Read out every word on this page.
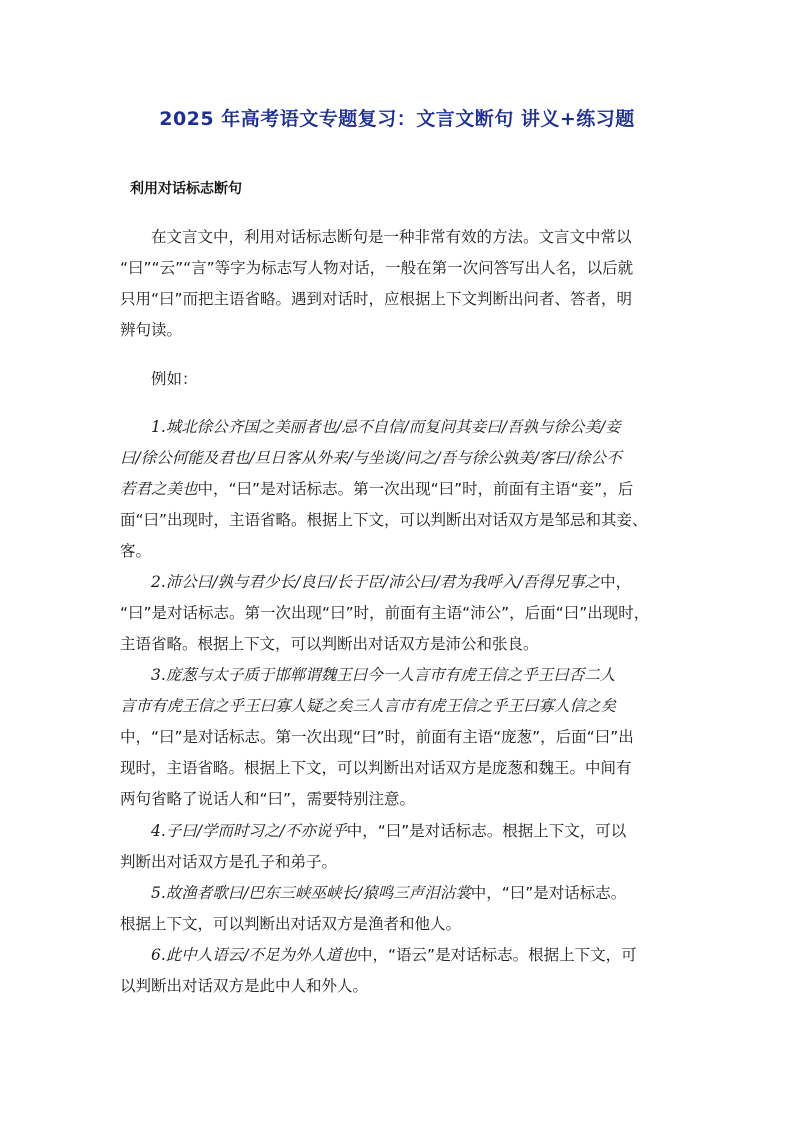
2025 年高考语文专题复习：文言文断句 讲义+练习题
利用对话标志断句
在文言文中，利用对话标志断句是一种非常有效的方法。文言文中常以
“曰”“云”“言”等字为标志写人物对话，一般在第一次问答写出人名，以后就
只用“曰”而把主语省略。遇到对话时，应根据上下文判断出问者、答者，明
辨句读。
例如：
1.城北徐公齐国之美丽者也/忌不自信/而复问其妾曰/吾孰与徐公美/妾
曰/徐公何能及君也/旦日客从外来/与坐谈/问之/吾与徐公孰美/客曰/徐公不
若君之美也中，“曰”是对话标志。第一次出现“曰”时，前面有主语“妾”，后
面“曰”出现时，主语省略。根据上下文，可以判断出对话双方是邹忌和其妾、
客。
2.沛公曰/孰与君少长/良曰/长于臣/沛公曰/君为我呼入/吾得兄事之中，
“曰”是对话标志。第一次出现“曰”时，前面有主语“沛公”，后面“曰”出现时，
主语省略。根据上下文，可以判断出对话双方是沛公和张良。
3.庞葱与太子质于邯郸谓魏王曰今一人言市有虎王信之乎王曰否二人
言市有虎王信之乎王曰寡人疑之矣三人言市有虎王信之乎王曰寡人信之矣
中，“曰”是对话标志。第一次出现“曰”时，前面有主语“庞葱”，后面“曰”出
现时，主语省略。根据上下文，可以判断出对话双方是庞葱和魏王。中间有
两句省略了说话人和“曰”，需要特别注意。
4.子曰/学而时习之/不亦说乎中，“曰”是对话标志。根据上下文，可以
判断出对话双方是孔子和弟子。
5.故渔者歌曰/巴东三峡巫峡长/猿鸣三声泪沾裳中，“曰”是对话标志。
根据上下文，可以判断出对话双方是渔者和他人。
6.此中人语云/不足为外人道也中，“语云”是对话标志。根据上下文，可
以判断出对话双方是此中人和外人。
